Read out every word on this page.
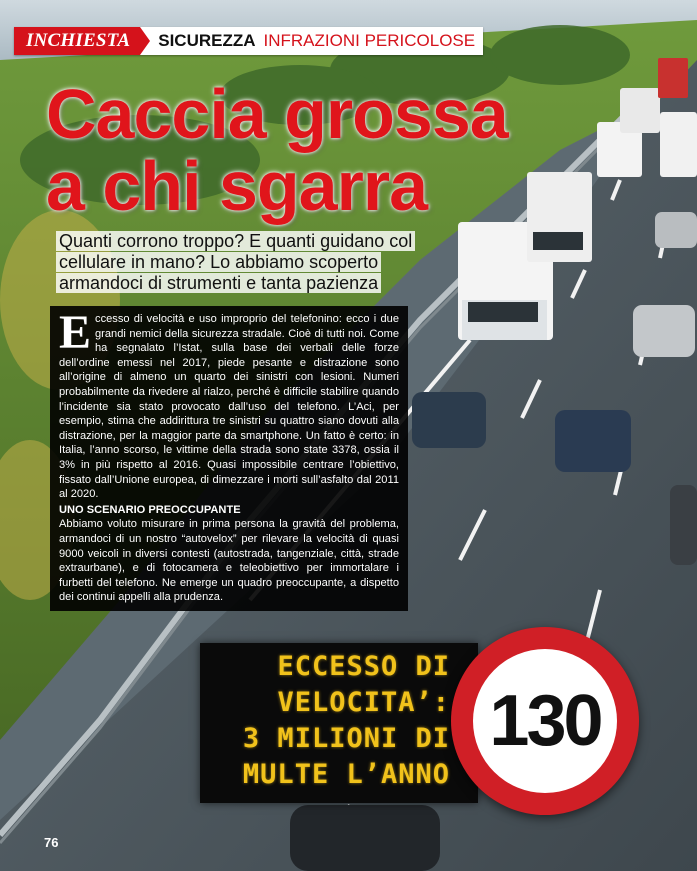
INCHIESTA	SICUREZZA INFRAZIONI PERICOLOSE
Caccia grossa
a chi sgarra

Quanti corrono troppo? E quanti guidano col cellulare in mano? Lo abbiamo scoperto armandoci di strumenti e tanta pazienza

Eccesso di velocità e uso improprio del telefonino: ecco i due grandi nemici della sicurezza stradale. Cioè di tutti noi. Come ha segnalato l’Istat, sulla base dei verbali delle forze dell’ordine emessi nel 2017, piede pesante e distrazione sono all’origine di almeno un quarto dei sinistri con lesioni. Numeri probabilmente da rivedere al rialzo, perché è difficile stabilire quando l’incidente sia stato provocato dall’uso del telefono. L’Aci, per esempio, stima che addirittura tre sinistri su quattro siano dovuti alla distrazione, per la maggior parte da smartphone. Un fatto è certo: in Italia, l’anno scorso, le vittime della strada sono state 3378, ossia il 3% in più rispetto al 2016. Quasi impossibile centrare l’obiettivo, fissato dall’Unione europea, di dimezzare i morti sull’asfalto dal 2011 al 2020.

UNO SCENARIO PREOCCUPANTE

Abbiamo voluto misurare in prima persona la gravità del problema, armandoci di un nostro “autovelox” per rilevare la velocità di quasi 9000 veicoli in diversi contesti (autostrada, tangenziale, città, strade extraurbane), e di fotocamera e teleobiettivo per immortalare i furbetti del telefono. Ne emerge un quadro preoccupante, a dispetto dei continui appelli alla prudenza.

ECCESSO DI
VELOCITA’:
3 MILIONI DI
MULTE L’ANNO

130
76
